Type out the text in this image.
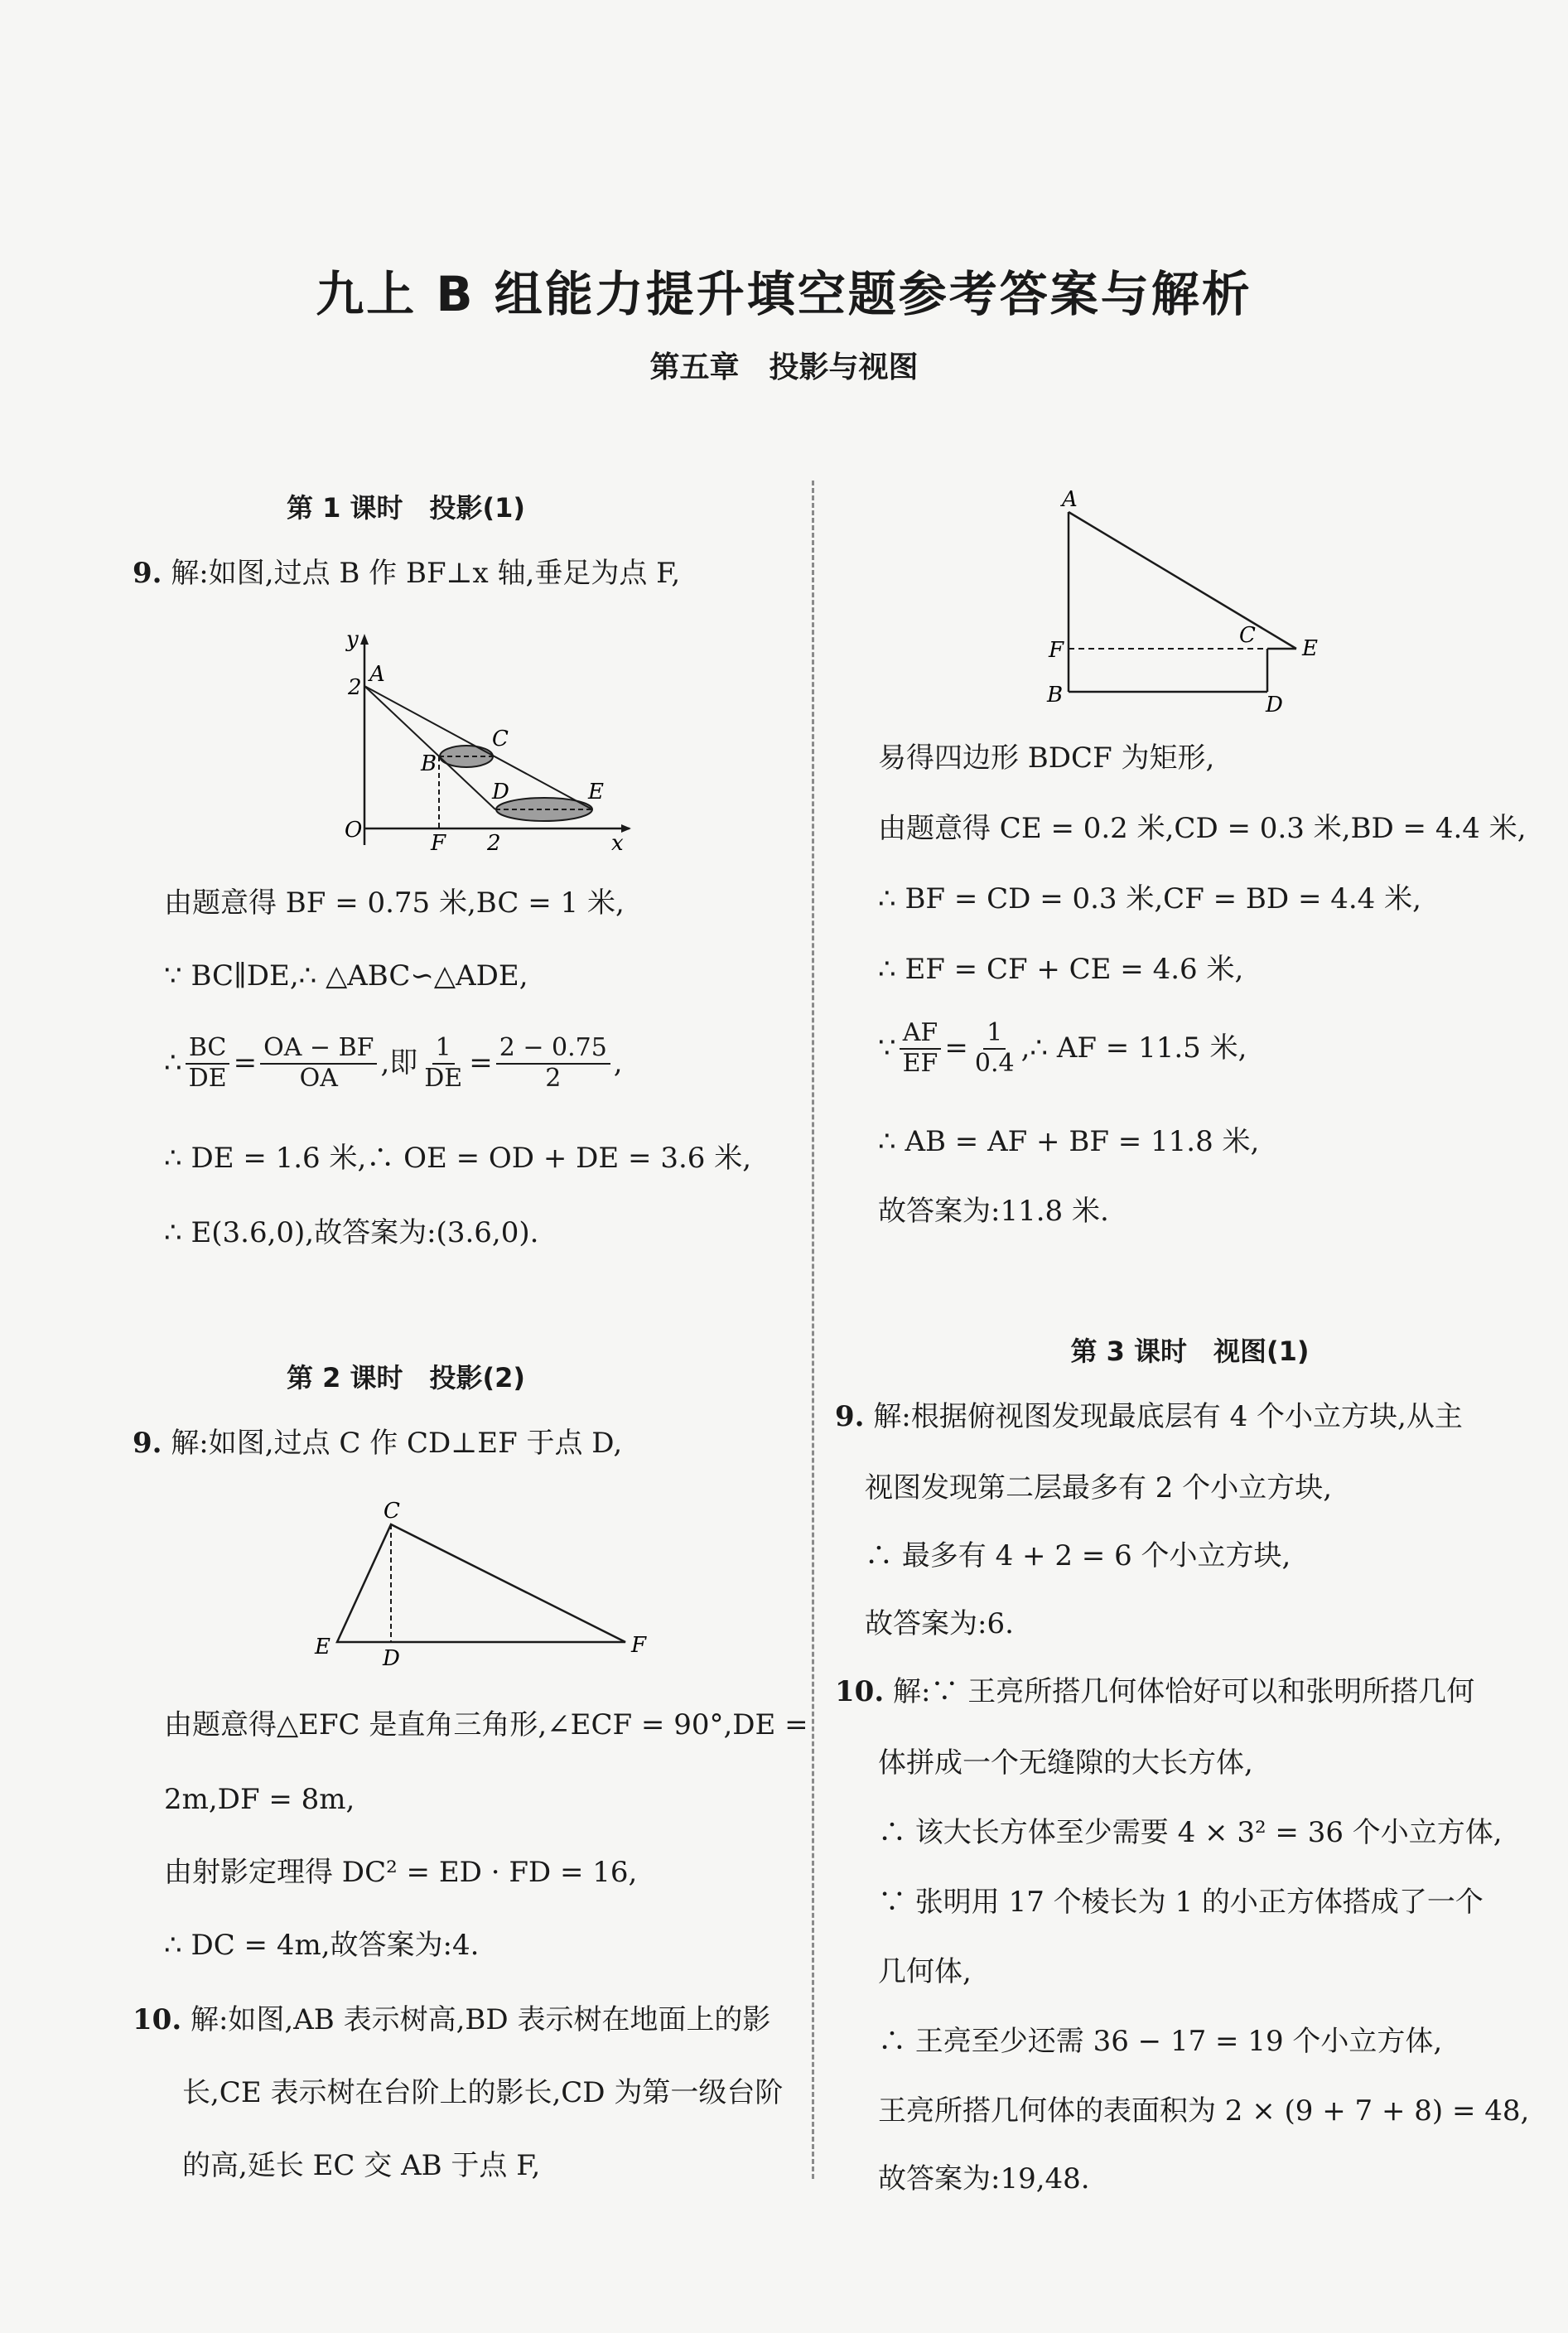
九上 B 组能力提升填空题参考答案与解析
第五章　投影与视图
第 1 课时　投影(1)
9. 解:如图,过点 B 作 BF⊥x 轴,垂足为点 F,
y
2
A
B
C
D	E
O
F 2	x
由题意得 BF = 0.75 米,BC = 1 米,
∵ BC∥DE,∴ △ABC∽△ADE,
∴ $\frac{BC}{DE} = \frac{OA - BF}{OA}$ ,即 $\frac{1}{DE} = \frac{2 - 0.75}{2}$ ,
∴ DE = 1.6 米,∴ OE = OD + DE = 3.6 米,
∴ E(3.6,0),故答案为:(3.6,0).
第 2 课时　投影(2)
9. 解:如图,过点 C 作 CD⊥EF 于点 D,
C
E D
F
由题意得△EFC 是直角三角形,∠ECF = 90°,DE =
2m,DF = 8m,
由射影定理得 DC² = ED · FD = 16,
∴ DC = 4m,故答案为:4.
10. 解:如图,AB 表示树高,BD 表示树在地面上的影
长,CE 表示树在台阶上的影长,CD 为第一级台阶
的高,延长 EC 交 AB 于点 F,
A
C
E
F
B	D
易得四边形 BDCF 为矩形,
由题意得 CE = 0.2 米,CD = 0.3 米,BD = 4.4 米,
∴ BF = CD = 0.3 米,CF = BD = 4.4 米,
∴ EF = CF + CE = 4.6 米,
∵ $\frac{AF}{EF} = \frac{1}{0.4}$ ,∴ AF = 11.5 米,
∴ AB = AF + BF = 11.8 米,
故答案为:11.8 米.
第 3 课时　视图(1)
9. 解:根据俯视图发现最底层有 4 个小立方块,从主
视图发现第二层最多有 2 个小立方块,
∴ 最多有 4 + 2 = 6 个小立方块,
故答案为:6.
10. 解:∵ 王亮所搭几何体恰好可以和张明所搭几何
体拼成一个无缝隙的大长方体,
∴ 该大长方体至少需要 4 × 3² = 36 个小立方体,
∵ 张明用 17 个棱长为 1 的小正方体搭成了一个
几何体,
∴ 王亮至少还需 36 − 17 = 19 个小立方体,
王亮所搭几何体的表面积为 2 × (9 + 7 + 8) = 48,
故答案为:19,48.
